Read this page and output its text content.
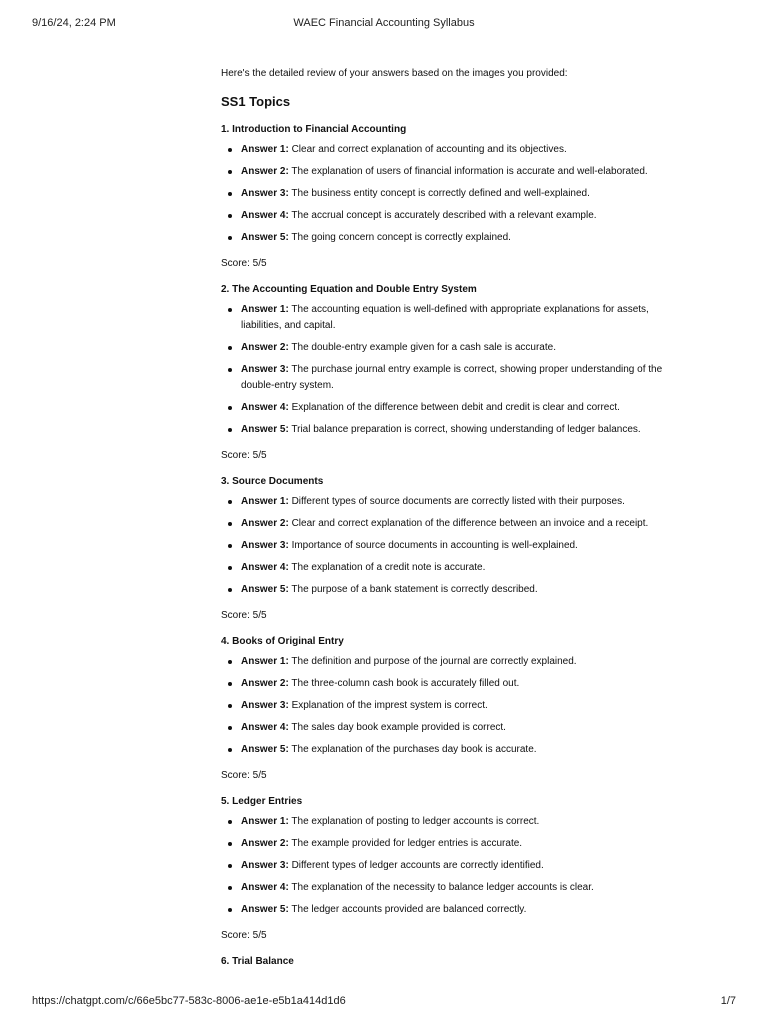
9/16/24, 2:24 PM	WAEC Financial Accounting Syllabus

Here's the detailed review of your answers based on the images you provided:

SS1 Topics
1. Introduction to Financial Accounting
Answer 1: Clear and correct explanation of accounting and its objectives.
Answer 2: The explanation of users of financial information is accurate and well-elaborated.
Answer 3: The business entity concept is correctly defined and well-explained.
Answer 4: The accrual concept is accurately described with a relevant example.
Answer 5: The going concern concept is correctly explained.
Score: 5/5
2. The Accounting Equation and Double Entry System
Answer 1: The accounting equation is well-defined with appropriate explanations for assets, liabilities, and capital.
Answer 2: The double-entry example given for a cash sale is accurate.
Answer 3: The purchase journal entry example is correct, showing proper understanding of the double-entry system.
Answer 4: Explanation of the difference between debit and credit is clear and correct.
Answer 5: Trial balance preparation is correct, showing understanding of ledger balances.
Score: 5/5
3. Source Documents
Answer 1: Different types of source documents are correctly listed with their purposes.
Answer 2: Clear and correct explanation of the difference between an invoice and a receipt.
Answer 3: Importance of source documents in accounting is well-explained.
Answer 4: The explanation of a credit note is accurate.
Answer 5: The purpose of a bank statement is correctly described.
Score: 5/5
4. Books of Original Entry
Answer 1: The definition and purpose of the journal are correctly explained.
Answer 2: The three-column cash book is accurately filled out.
Answer 3: Explanation of the imprest system is correct.
Answer 4: The sales day book example provided is correct.
Answer 5: The explanation of the purchases day book is accurate.
Score: 5/5
5. Ledger Entries
Answer 1: The explanation of posting to ledger accounts is correct.
Answer 2: The example provided for ledger entries is accurate.
Answer 3: Different types of ledger accounts are correctly identified.
Answer 4: The explanation of the necessity to balance ledger accounts is clear.
Answer 5: The ledger accounts provided are balanced correctly.
Score: 5/5
6. Trial Balance
https://chatgpt.com/c/66e5bc77-583c-8006-ae1e-e5b1a414d1d6	1/7
